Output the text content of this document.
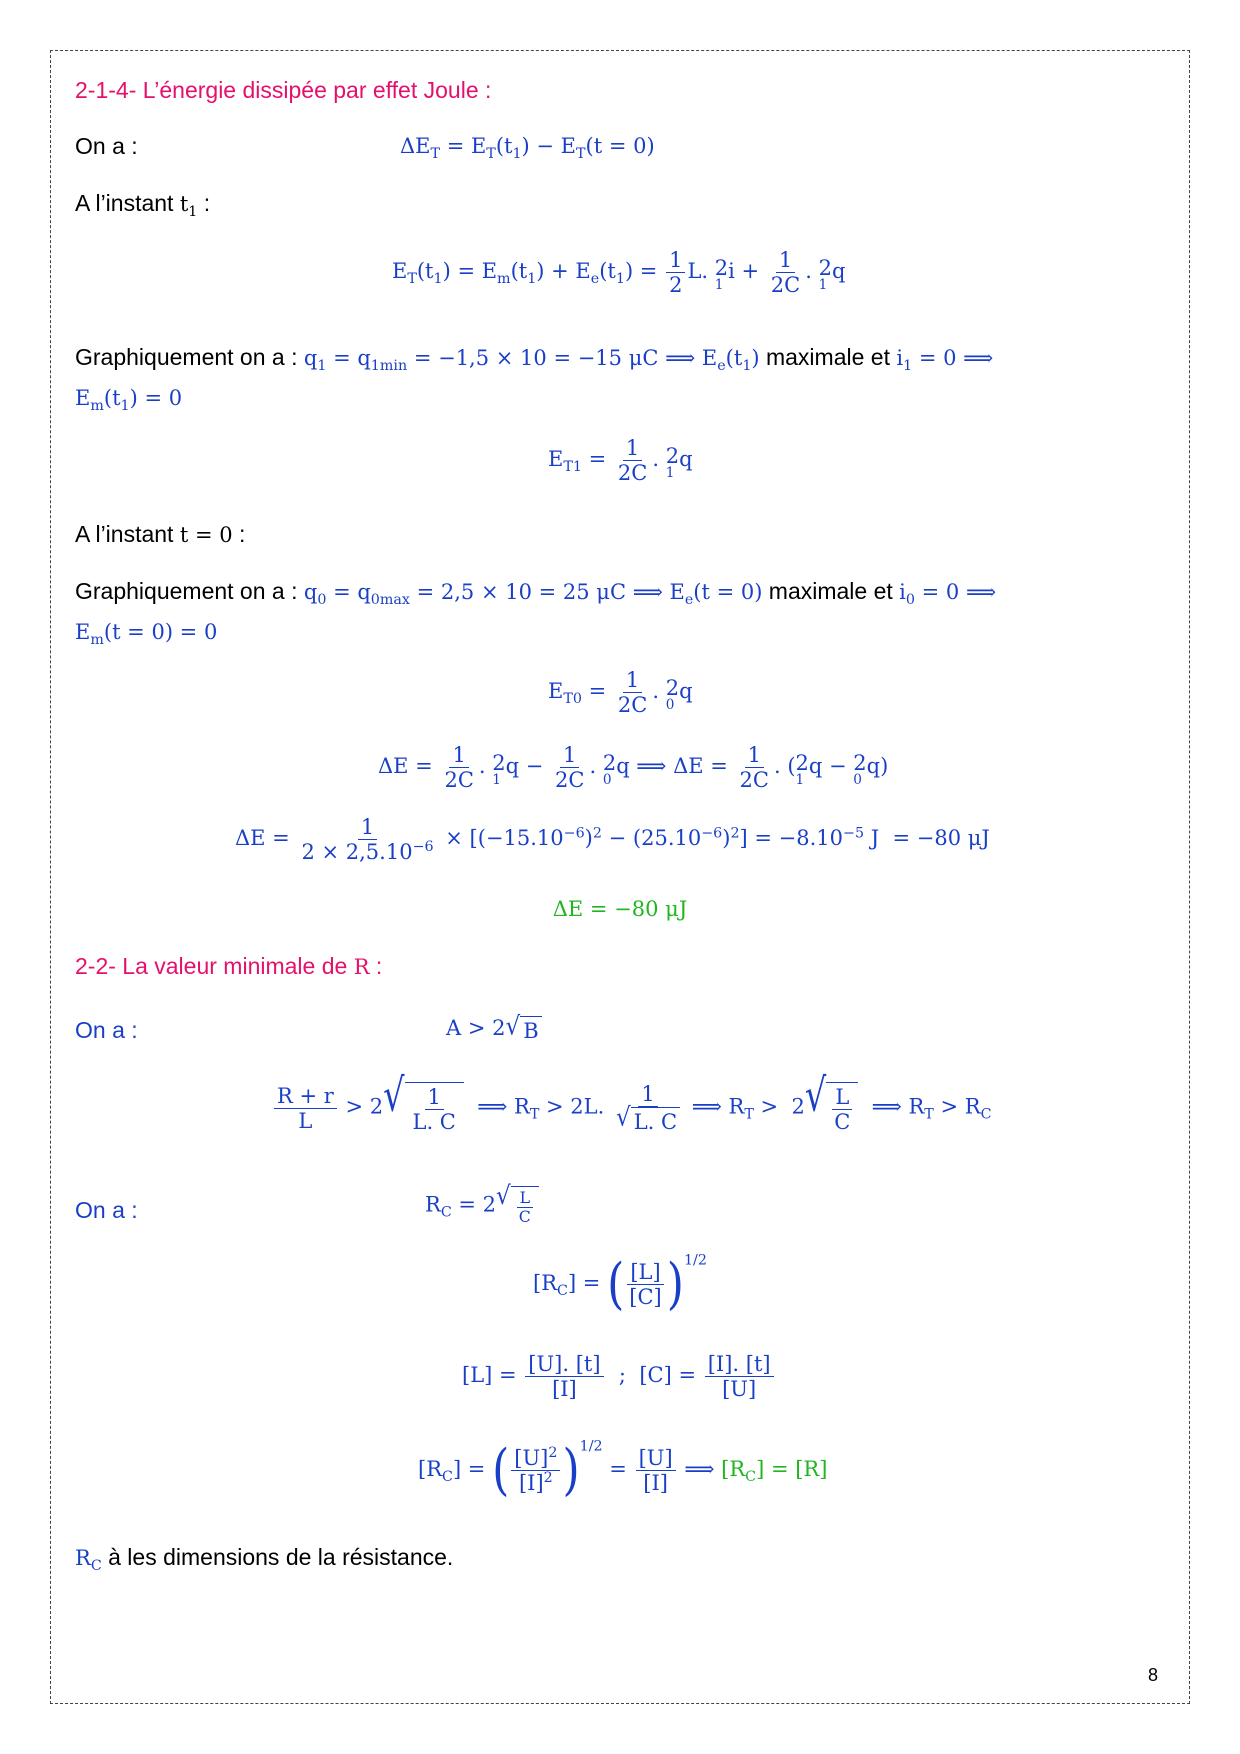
2-1-4- L’énergie dissipée par effet Joule :
On a :	$\Delta E_T = E_T(t_1) - E_T(t = 0)$
A l’instant $t_1$ :
$E_T(t_1) = E_m(t_1) + E_e(t_1) = \frac{1}{2} L$. 2
1
$i + \frac{1}{2C}$ . 2
1
q
Graphiquement on a : $q_1 = q_{1min} = -1,5 \times 10 = -15$ μC ⟹ $E_e(t_1)$ maximale et $i_1 = 0$ ⟹
$E_m(t_1) = 0$
$E_{T1} = \frac{1}{2C}$ . 2
1
q
A l’instant t = 0 :
Graphiquement on a : $q_0 = q_{0max} = 2,5 \times 10 = 25$ μC ⟹ $E_e(t = 0)$ maximale et $i_0 = 0$ ⟹
$E_m(t = 0) = 0$
$E_{T0} = \frac{1}{2C}$ . 2
0
q
$\Delta E = \frac{1}{2C}$ . 2
1
$q - \frac{1}{2C}$ . 2
0
q ⟹ $\Delta E = \frac{1}{2C}$ . (2
1
q − 2
0
q)
$\Delta E = \frac{1}{2 \times 2,5.10^{-6}} \times [(-15.10^{-6})^2 - (25.10^{-6})^2] = -8.10^{-5}$ J  = −80 μJ
ΔE = −80 μJ
2-2- La valeur minimale de R :
On a :	A > 2 √ B
$\frac{R + r}{L} > 2$ √ $\frac{1}{L. C}$ ⟹ $R_T > 2L$. $\frac{1}{√ L. C}$ ⟹ $R_T > 2$ √ $\frac{L}{C}$ ⟹ $R_T > R_C$
On a :	$R_C = 2$ √ $\frac{L}{C}$
$[R_C]$ = ( $\frac{[L]}{[C]} )^{1/2}$
$[L] = \frac{[U]. [t]}{[I]}$ ;  $[C] = \frac{[I]. [t]}{[U]}$
$[R_C]$ = ( $\frac{[U]^2}{[I]^2} )^{1/2} = \frac{[U]}{[I]}$ ⟹ $[R_C] = [R]$
$R_C$ à les dimensions de la résistance.
8
